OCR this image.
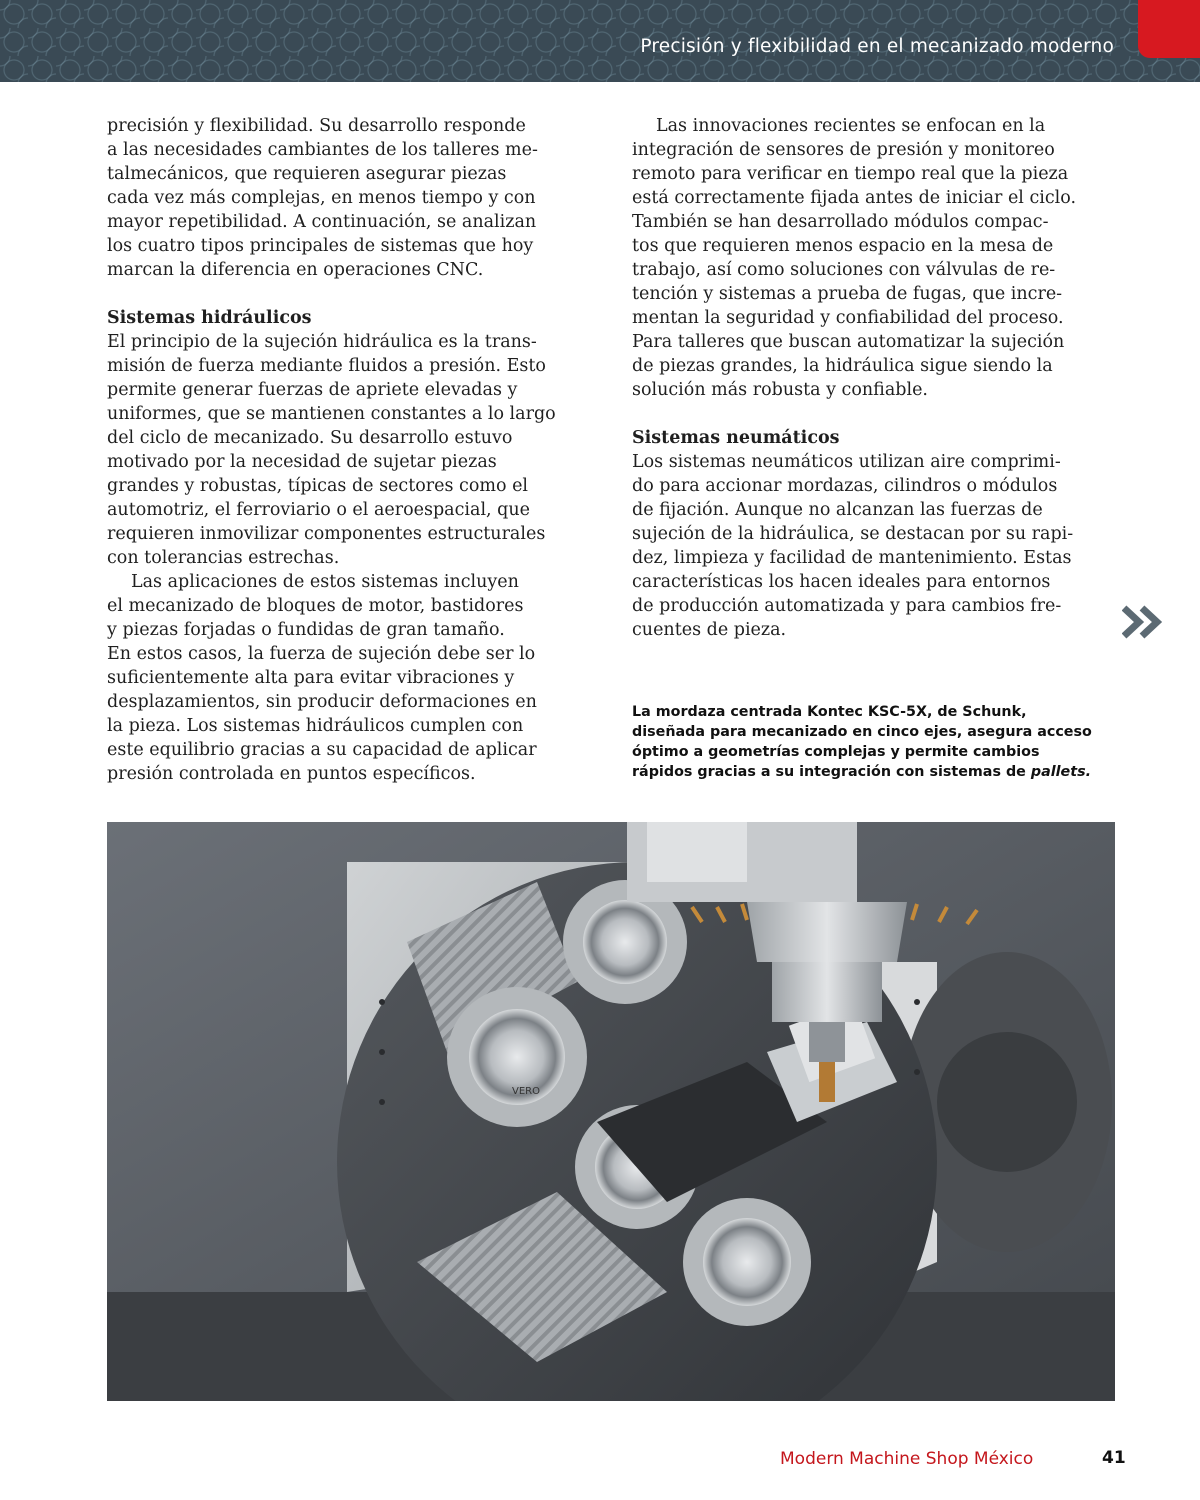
Precisión y flexibilidad en el mecanizado moderno

precisión y flexibilidad. Su desarrollo responde

a las necesidades cambiantes de los talleres me-

talmecánicos, que requieren asegurar piezas

cada vez más complejas, en menos tiempo y con

mayor repetibilidad. A continuación, se analizan

los cuatro tipos principales de sistemas que hoy

marcan la diferencia en operaciones CNC.

Sistemas hidráulicos

El principio de la sujeción hidráulica es la trans-

misión de fuerza mediante fluidos a presión. Esto

permite generar fuerzas de apriete elevadas y

uniformes, que se mantienen constantes a lo largo

del ciclo de mecanizado. Su desarrollo estuvo

motivado por la necesidad de sujetar piezas

grandes y robustas, típicas de sectores como el

automotriz, el ferroviario o el aeroespacial, que

requieren inmovilizar componentes estructurales

con tolerancias estrechas.

Las aplicaciones de estos sistemas incluyen

el mecanizado de bloques de motor, bastidores

y piezas forjadas o fundidas de gran tamaño.

En estos casos, la fuerza de sujeción debe ser lo

suficientemente alta para evitar vibraciones y

desplazamientos, sin producir deformaciones en

la pieza. Los sistemas hidráulicos cumplen con

este equilibrio gracias a su capacidad de aplicar

presión controlada en puntos específicos.

Las innovaciones recientes se enfocan en la

integración de sensores de presión y monitoreo

remoto para verificar en tiempo real que la pieza

está correctamente fijada antes de iniciar el ciclo.

También se han desarrollado módulos compac-

tos que requieren menos espacio en la mesa de

trabajo, así como soluciones con válvulas de re-

tención y sistemas a prueba de fugas, que incre-

mentan la seguridad y confiabilidad del proceso.

Para talleres que buscan automatizar la sujeción

de piezas grandes, la hidráulica sigue siendo la

solución más robusta y confiable.

Sistemas neumáticos

Los sistemas neumáticos utilizan aire comprimi-

do para accionar mordazas, cilindros o módulos

de fijación. Aunque no alcanzan las fuerzas de

sujeción de la hidráulica, se destacan por su rapi-

dez, limpieza y facilidad de mantenimiento. Estas

características los hacen ideales para entornos

de producción automatizada y para cambios fre-

cuentes de pieza.

La mordaza centrada Kontec KSC-5X, de Schunk,

diseñada para mecanizado en cinco ejes, asegura acceso

óptimo a geometrías complejas y permite cambios

rápidos gracias a su integración con sistemas de pallets.

VERO
Modern Machine Shop México	41
